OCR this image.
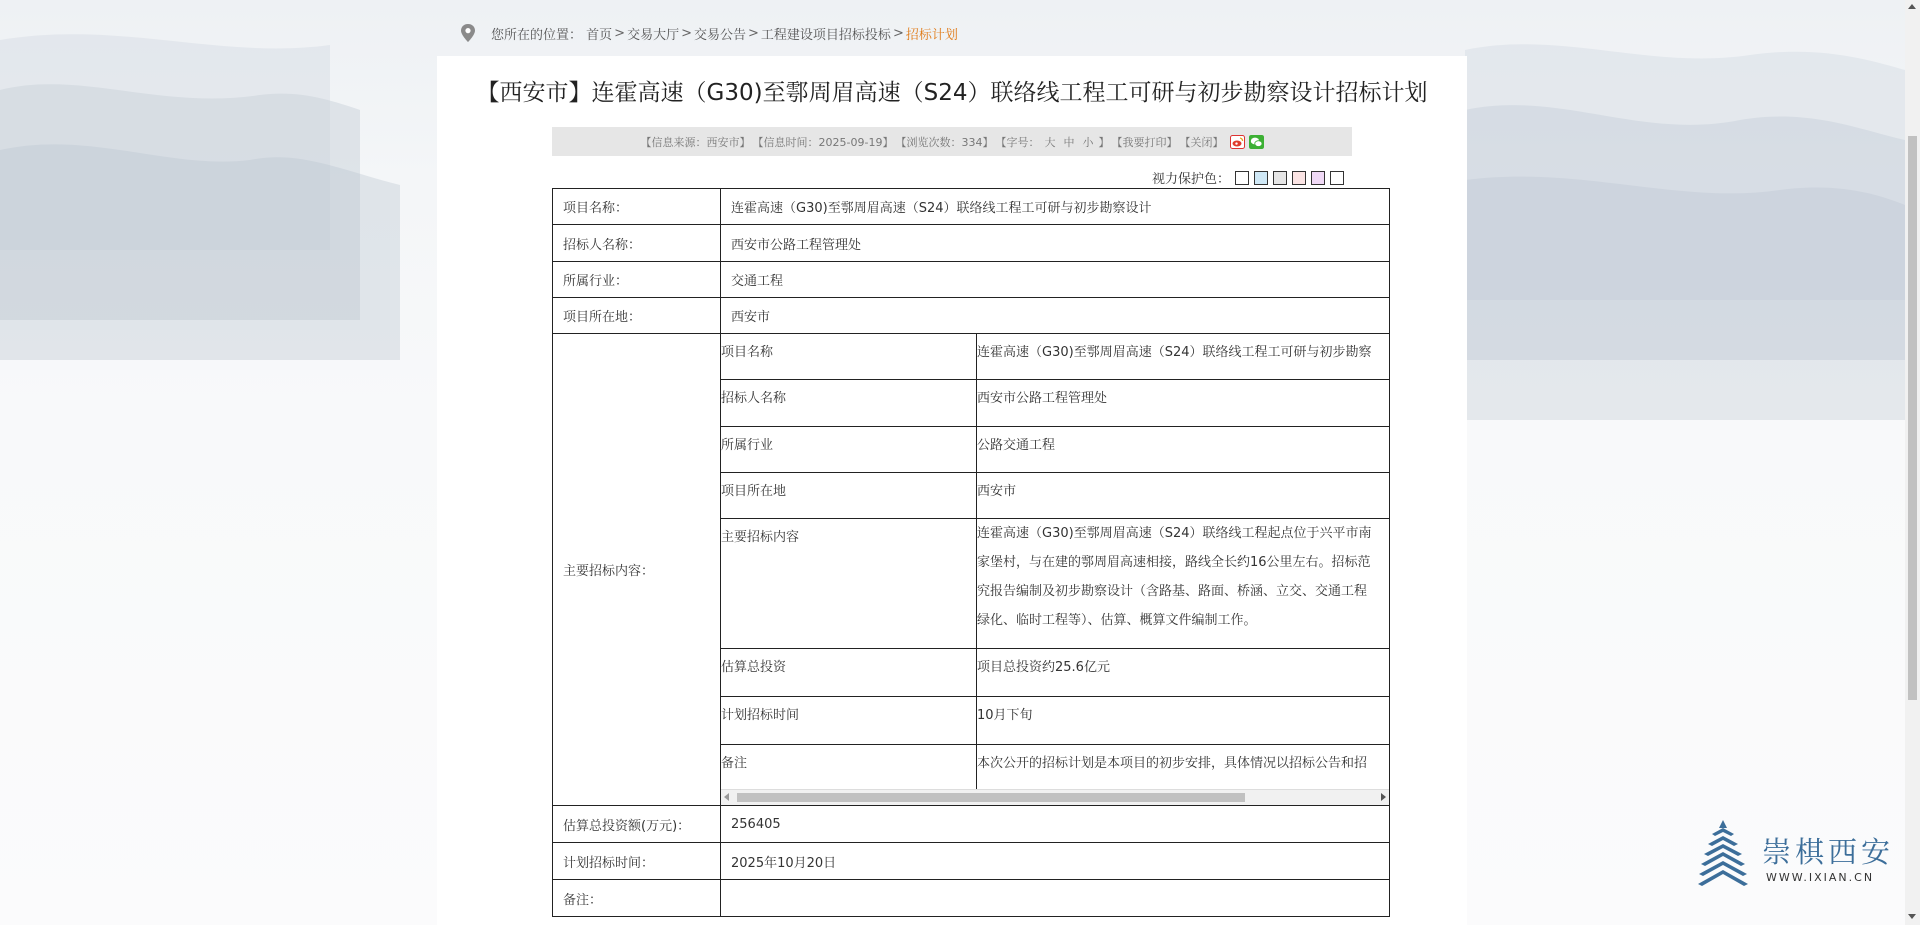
您所在的位置：
首页 > 交易大厅 > 交易公告 > 工程建设项目招标投标 > 招标计划
【西安市】连霍高速（G30)至鄠周眉高速（S24）联络线工程工可研与初步勘察设计招标计划
【信息来源：西安市】 【信息时间：2025-09-19】 【浏览次数：334】 【字号： 大 中 小 】 【我要打印】 【关闭】
视力保护色：
项目名称：	连霍高速（G30)至鄠周眉高速（S24）联络线工程工可研与初步勘察设计
招标人名称：	西安市公路工程管理处
所属行业：	交通工程
项目所在地：	西安市
主要招标内容：
项目名称	连霍高速（G30)至鄠周眉高速（S24）联络线工程工可研与初步勘察
招标人名称	西安市公路工程管理处
所属行业	公路交通工程
项目所在地	西安市
主要招标内容	连霍高速（G30)至鄠周眉高速（S24）联络线工程起点位于兴平市南
家堡村，与在建的鄠周眉高速相接，路线全长约16公里左右。招标范
究报告编制及初步勘察设计（含路基、路面、桥涵、立交、交通工程
绿化、临时工程等）、估算、概算文件编制工作。
估算总投资	项目总投资约25.6亿元
计划招标时间	10月下旬
备注	本次公开的招标计划是本项目的初步安排，具体情况以招标公告和招
估算总投资额(万元)：	256405
计划招标时间：	2025年10月20日
备注：
崇棋西安
WWW.IXIAN.CN
